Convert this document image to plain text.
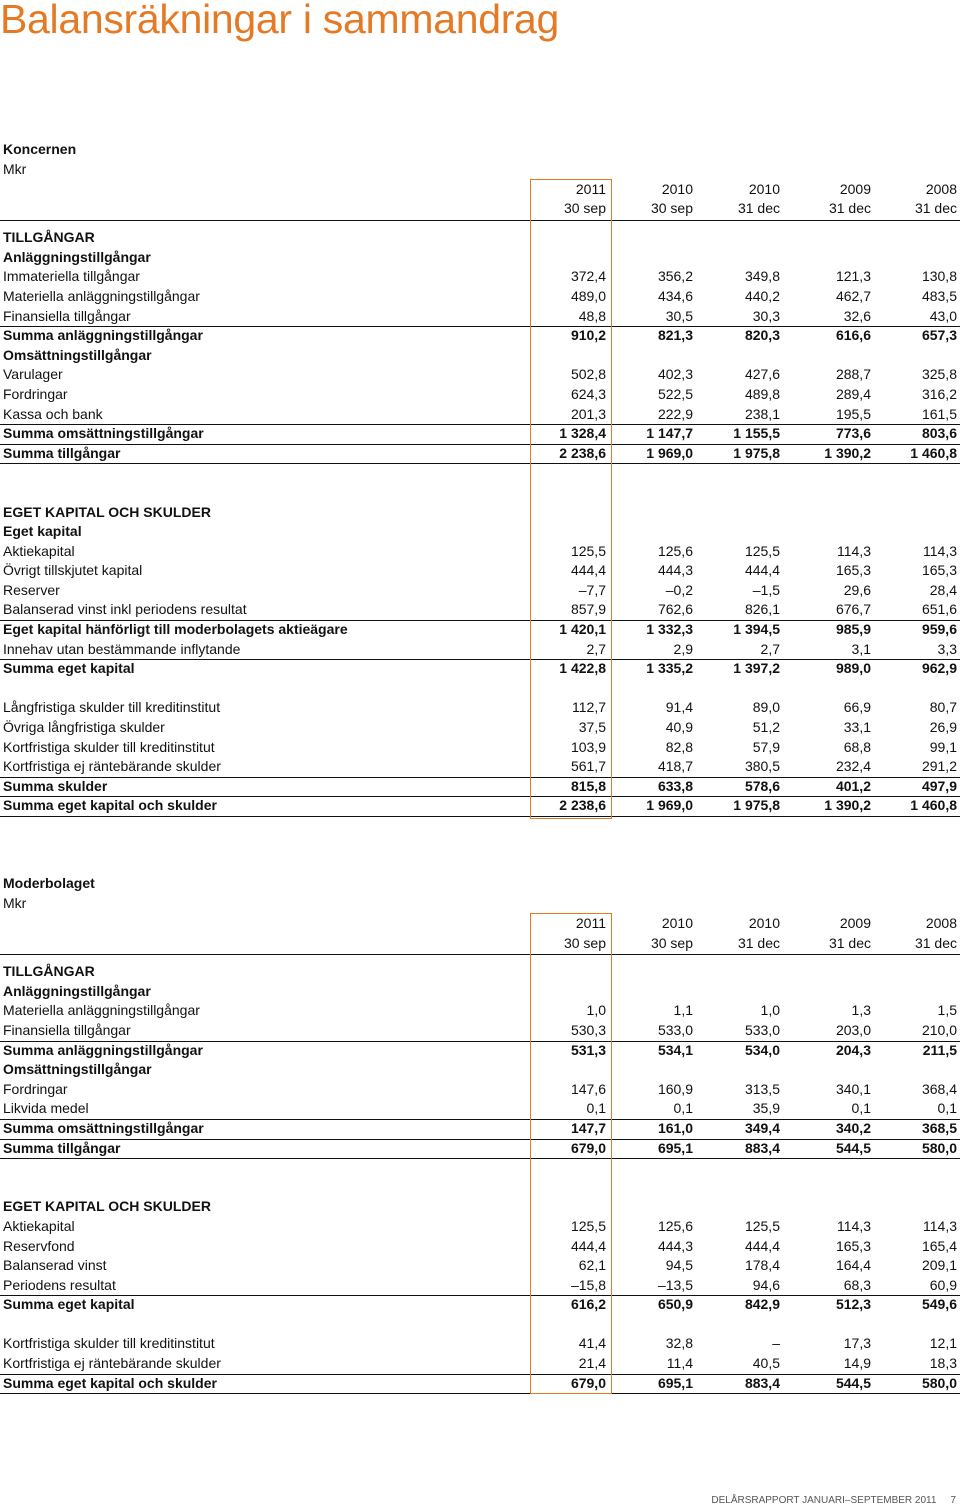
Balansräkningar i sammandrag
Koncernen
Mkr
2011	2010	2010	2009	2008
30 sep	30 sep	31 dec	31 dec	31 dec
TILLGÅNGAR
Anläggningstillgångar
Immateriella tillgångar	372,4	356,2	349,8	121,3	130,8
Materiella anläggningstillgångar	489,0	434,6	440,2	462,7	483,5
Finansiella tillgångar	48,8	30,5	30,3	32,6	43,0
Summa anläggningstillgångar	910,2	821,3	820,3	616,6	657,3
Omsättningstillgångar
Varulager	502,8	402,3	427,6	288,7	325,8
Fordringar	624,3	522,5	489,8	289,4	316,2
Kassa och bank	201,3	222,9	238,1	195,5	161,5
Summa omsättningstillgångar	1 328,4	1 147,7	1 155,5	773,6	803,6
Summa tillgångar	2 238,6	1 969,0	1 975,8	1 390,2	1 460,8
EGET KAPITAL OCH SKULDER
Eget kapital
Aktiekapital	125,5	125,6	125,5	114,3	114,3
Övrigt tillskjutet kapital	444,4	444,3	444,4	165,3	165,3
Reserver	–7,7	–0,2	–1,5	29,6	28,4
Balanserad vinst inkl periodens resultat	857,9	762,6	826,1	676,7	651,6
Eget kapital hänförligt till moderbolagets aktieägare	1 420,1	1 332,3	1 394,5	985,9	959,6
Innehav utan bestämmande inflytande	2,7	2,9	2,7	3,1	3,3
Summa eget kapital	1 422,8	1 335,2	1 397,2	989,0	962,9
Långfristiga skulder till kreditinstitut	112,7	91,4	89,0	66,9	80,7
Övriga långfristiga skulder	37,5	40,9	51,2	33,1	26,9
Kortfristiga skulder till kreditinstitut	103,9	82,8	57,9	68,8	99,1
Kortfristiga ej räntebärande skulder	561,7	418,7	380,5	232,4	291,2
Summa skulder	815,8	633,8	578,6	401,2	497,9
Summa eget kapital och skulder	2 238,6	1 969,0	1 975,8	1 390,2	1 460,8
Moderbolaget
Mkr
2011	2010	2010	2009	2008
30 sep	30 sep	31 dec	31 dec	31 dec
TILLGÅNGAR
Anläggningstillgångar
Materiella anläggningstillgångar	1,0	1,1	1,0	1,3	1,5
Finansiella tillgångar	530,3	533,0	533,0	203,0	210,0
Summa anläggningstillgångar	531,3	534,1	534,0	204,3	211,5
Omsättningstillgångar
Fordringar	147,6	160,9	313,5	340,1	368,4
Likvida medel	0,1	0,1	35,9	0,1	0,1
Summa omsättningstillgångar	147,7	161,0	349,4	340,2	368,5
Summa tillgångar	679,0	695,1	883,4	544,5	580,0
EGET KAPITAL OCH SKULDER
Aktiekapital	125,5	125,6	125,5	114,3	114,3
Reservfond	444,4	444,3	444,4	165,3	165,4
Balanserad vinst	62,1	94,5	178,4	164,4	209,1
Periodens resultat	–15,8	–13,5	94,6	68,3	60,9
Summa eget kapital	616,2	650,9	842,9	512,3	549,6
Kortfristiga skulder till kreditinstitut	41,4	32,8	–	17,3	12,1
Kortfristiga ej räntebärande skulder	21,4	11,4	40,5	14,9	18,3
Summa eget kapital och skulder	679,0	695,1	883,4	544,5	580,0
DELÅRSRAPPORT JANUARI–SEPTEMBER 2011 7
